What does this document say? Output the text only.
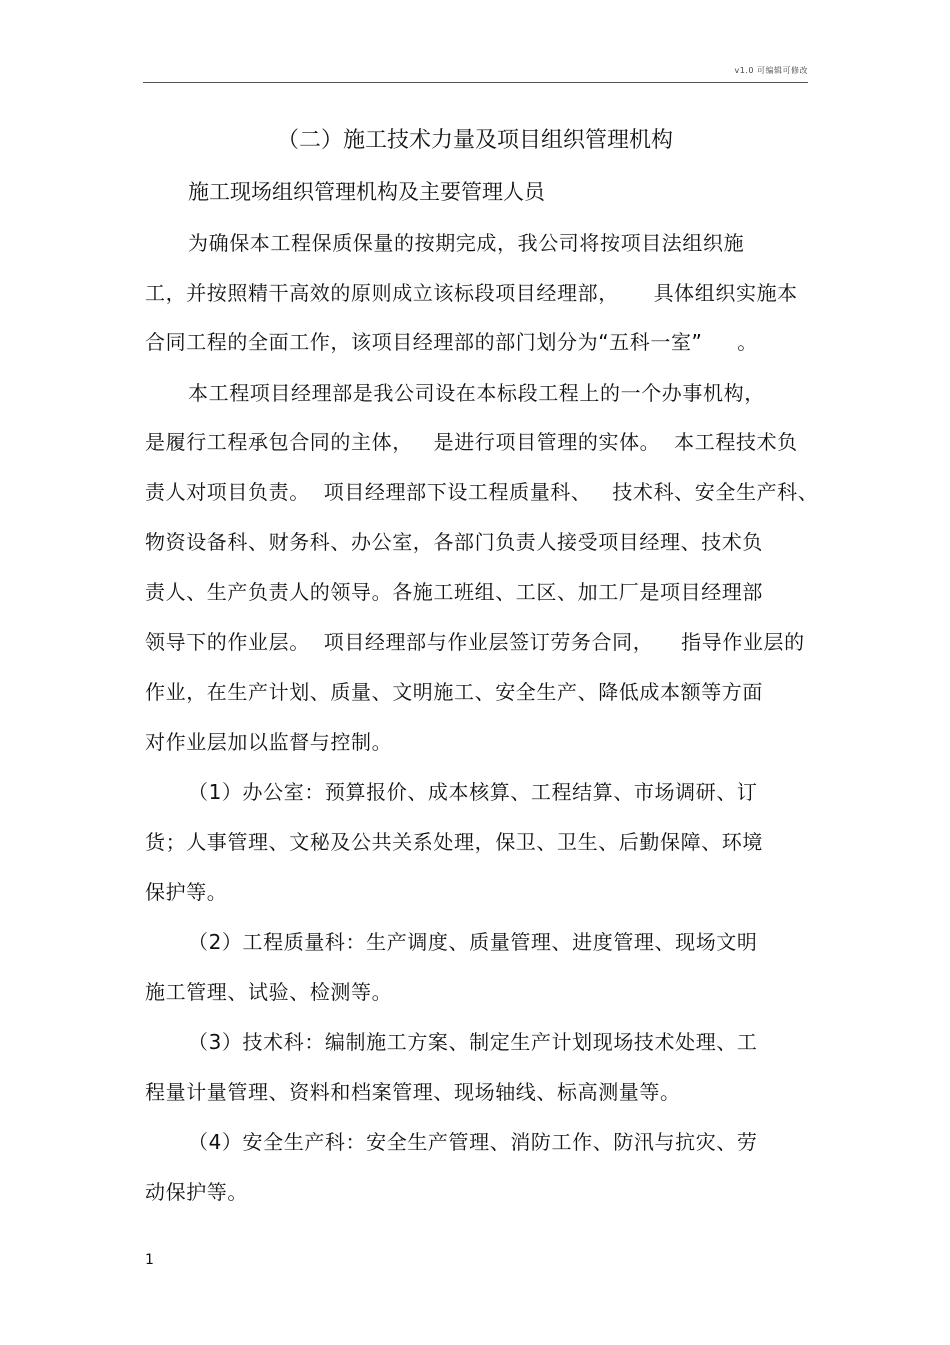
v1.0 可编辑可修改
（二）施工技术力量及项目组织管理机构
施工现场组织管理机构及主要管理人员
为确保本工程保质保量的按期完成，我公司将按项目法组织施
工，并按照精干高效的原则成立该标段项目经理部，     具体组织实施本
合同工程的全面工作，该项目经理部的部门划分为“五科一室”     。
本工程项目经理部是我公司设在本标段工程上的一个办事机构，
是履行工程承包合同的主体，   是进行项目管理的实体。  本工程技术负
责人对项目负责。  项目经理部下设工程质量科、   技术科、安全生产科、
物资设备科、财务科、办公室，各部门负责人接受项目经理、技术负
责人、生产负责人的领导。各施工班组、工区、加工厂是项目经理部
领导下的作业层。  项目经理部与作业层签订劳务合同，    指导作业层的
作业，在生产计划、质量、文明施工、安全生产、降低成本额等方面
对作业层加以监督与控制。
（1）办公室：预算报价、成本核算、工程结算、市场调研、订
货；人事管理、文秘及公共关系处理，保卫、卫生、后勤保障、环境
保护等。
（2）工程质量科：生产调度、质量管理、进度管理、现场文明
施工管理、试验、检测等。
（3）技术科：编制施工方案、制定生产计划现场技术处理、工
程量计量管理、资料和档案管理、现场轴线、标高测量等。
（4）安全生产科：安全生产管理、消防工作、防汛与抗灾、劳
动保护等。
1
